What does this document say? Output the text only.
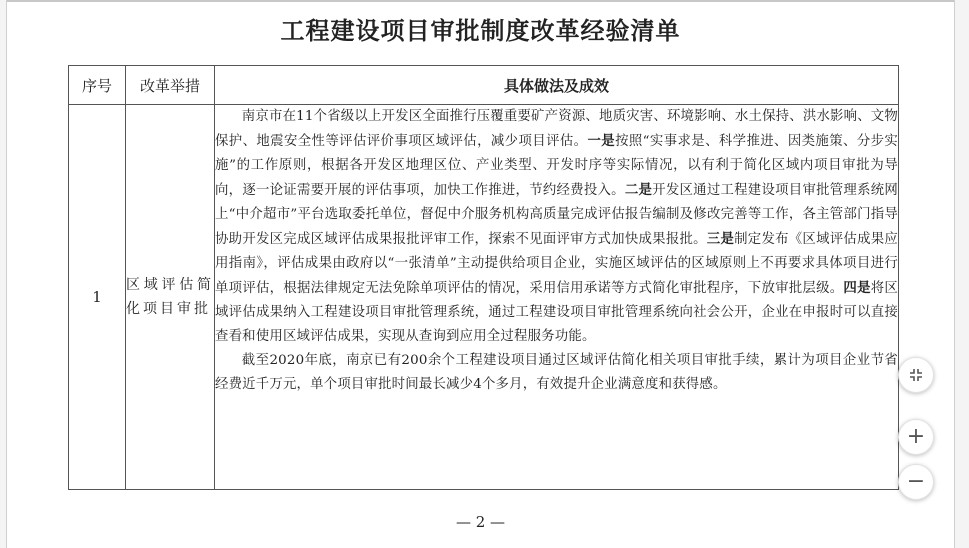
工程建设项目审批制度改革经验清单
序号	改革举措	具体做法及成效
1	区域评估简化项目审批	南京市在11个省级以上开发区全面推行压覆重要矿产资源、地质灾害、环境影响、水土保持、洪水影响、文物保护、地震安全性等评估评价事项区域评估，减少项目评估。一是按照“实事求是、科学推进、因类施策、分步实施”的工作原则，根据各开发区地理区位、产业类型、开发时序等实际情况，以有利于简化区域内项目审批为导向，逐一论证需要开展的评估事项，加快工作推进，节约经费投入。二是开发区通过工程建设项目审批管理系统网上“中介超市”平台选取委托单位，督促中介服务机构高质量完成评估报告编制及修改完善等工作，各主管部门指导协助开发区完成区域评估成果报批评审工作，探索不见面评审方式加快成果报批。三是制定发布《区域评估成果应用指南》，评估成果由政府以“一张清单”主动提供给项目企业，实施区域评估的区域原则上不再要求具体项目进行单项评估，根据法律规定无法免除单项评估的情况，采用信用承诺等方式简化审批程序，下放审批层级。四是将区域评估成果纳入工程建设项目审批管理系统，通过工程建设项目审批管理系统向社会公开，企业在申报时可以直接查看和使用区域评估成果，实现从查询到应用全过程服务功能。

截至2020年底，南京已有200余个工程建设项目通过区域评估简化相关项目审批手续，累计为项目企业节省经费近千万元，单个项目审批时间最长减少4个多月，有效提升企业满意度和获得感。

— 2 —
+
−
